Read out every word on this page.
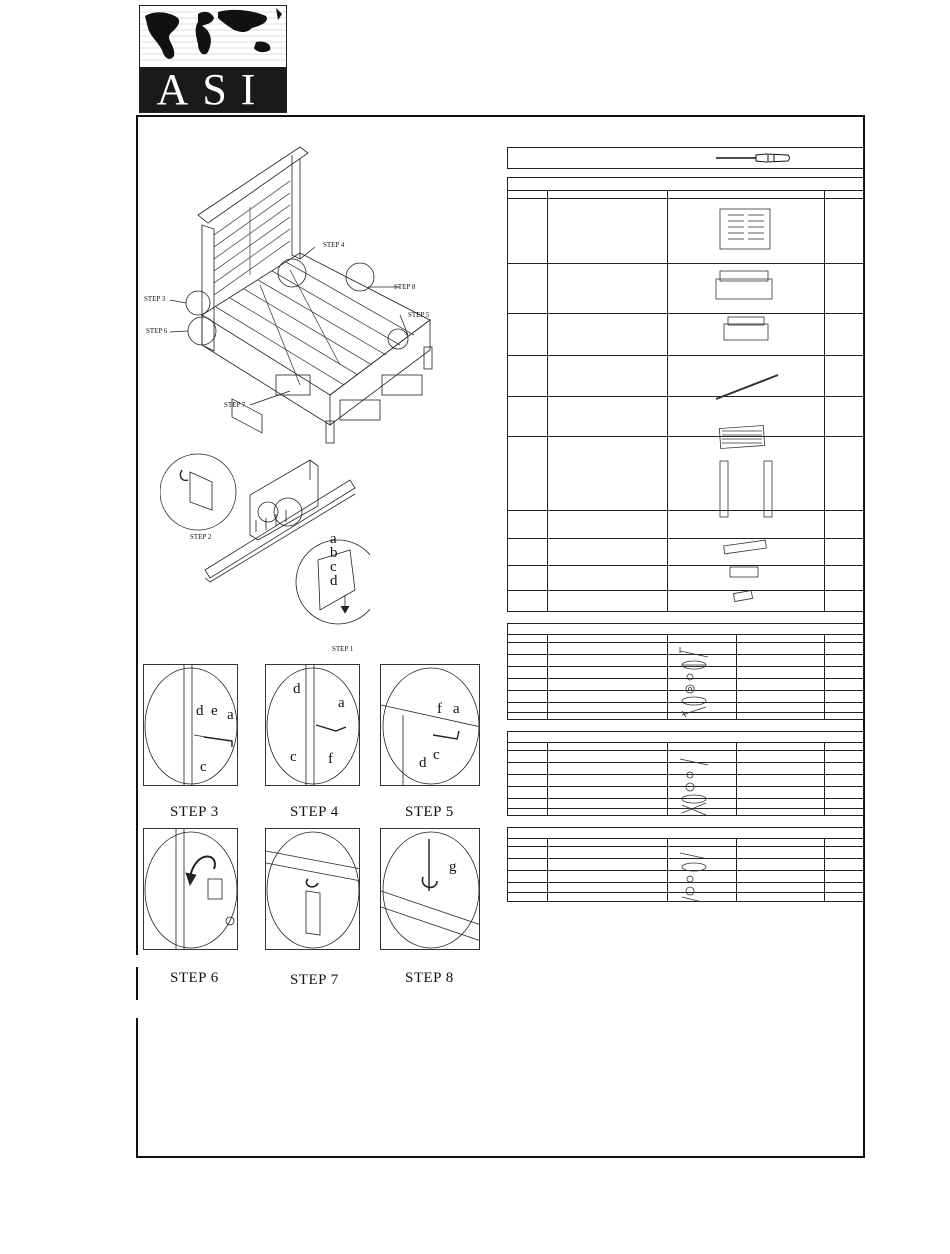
ASI
STEP 3
STEP 6
STEP 4
STEP 8
STEP 5
STEP 7
STEP 2
STEP 1
a
b
c
d
d e a
c
d
a
c f
f a
d c
STEP 3	STEP 4	STEP 5
g
STEP 6	STEP 7	STEP 8
